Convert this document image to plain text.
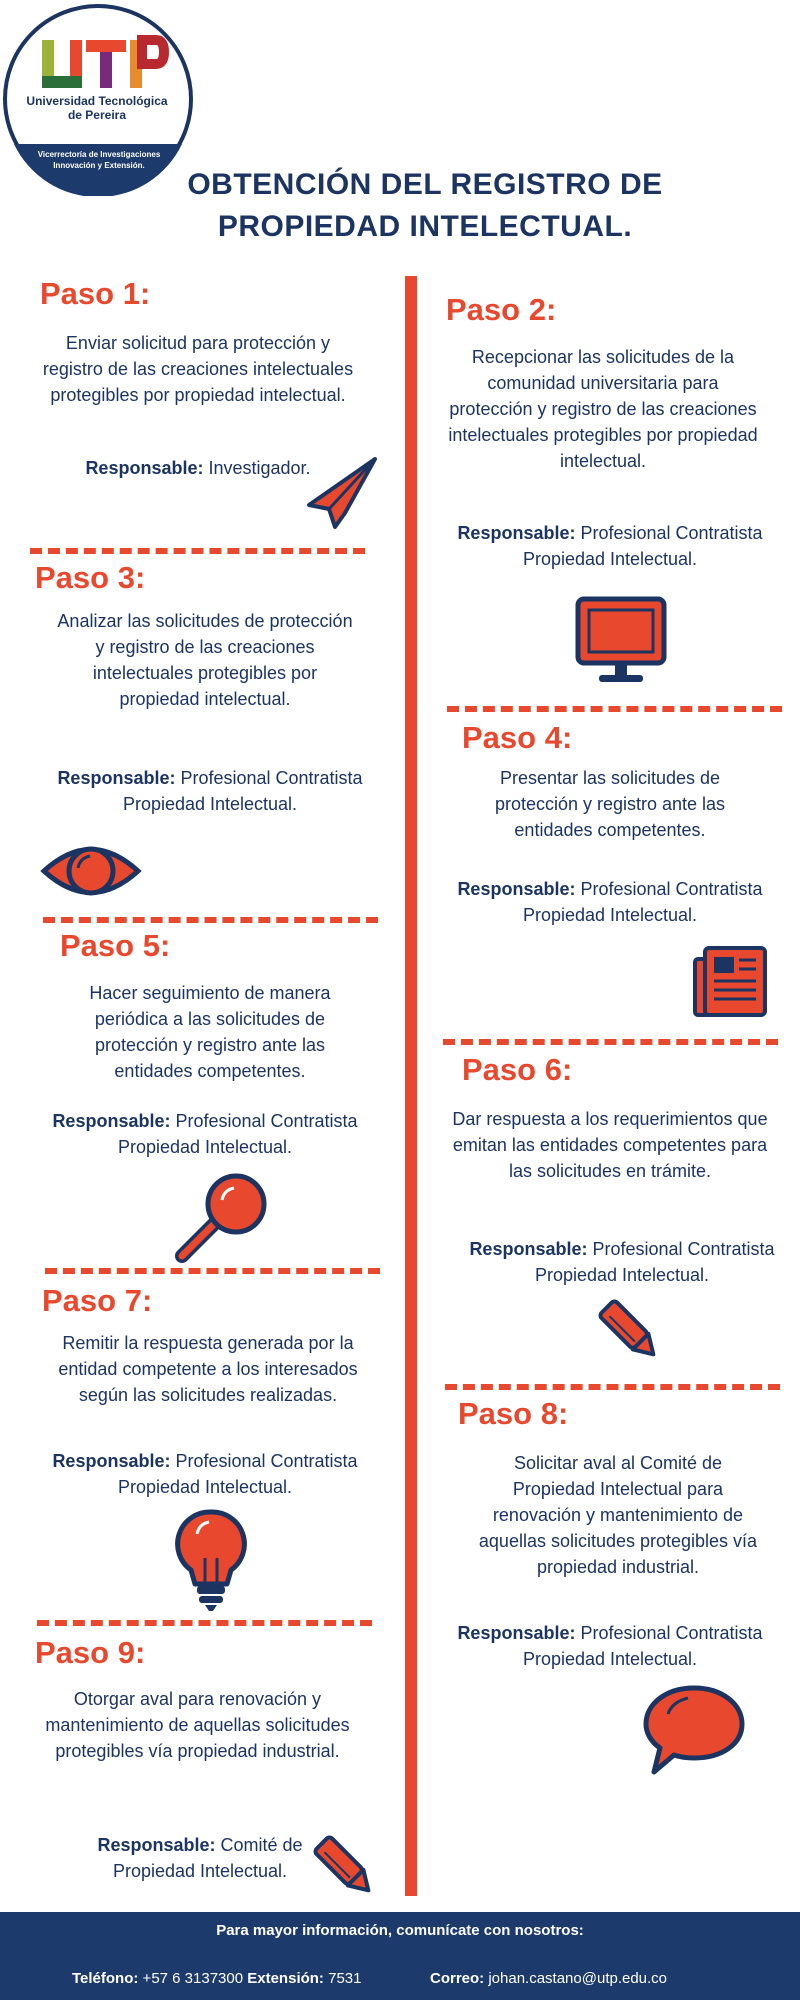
Universidad Tecnológica
de Pereira
Vicerrectoría de Investigaciones
Innovación y Extensión.
OBTENCIÓN DEL REGISTRO DE
PROPIEDAD INTELECTUAL.
Paso 1:
Enviar solicitud para protección y registro de las creaciones intelectuales protegibles por propiedad intelectual.
Responsable: Investigador.
Paso 2:
Recepcionar las solicitudes de la comunidad universitaria para protección y registro de las creaciones intelectuales protegibles por propiedad intelectual.
Responsable: Profesional Contratista Propiedad Intelectual.
Paso 3:
Analizar las solicitudes de protección y registro de las creaciones intelectuales protegibles por propiedad intelectual.
Responsable: Profesional Contratista Propiedad Intelectual.
Paso 4:
Presentar las solicitudes de protección y registro ante las entidades competentes.
Responsable: Profesional Contratista Propiedad Intelectual.
Paso 5:
Hacer seguimiento de manera periódica a las solicitudes de protección y registro ante las entidades competentes.
Responsable: Profesional Contratista Propiedad Intelectual.
Paso 6:
Dar respuesta a los requerimientos que emitan las entidades competentes para las solicitudes en trámite.
Responsable: Profesional Contratista Propiedad Intelectual.
Paso 7:
Remitir la respuesta generada por la entidad competente a los interesados según las solicitudes realizadas.
Responsable: Profesional Contratista Propiedad Intelectual.
Paso 8:
Solicitar aval al Comité de Propiedad Intelectual para renovación y mantenimiento de aquellas solicitudes protegibles vía propiedad industrial.
Responsable: Profesional Contratista Propiedad Intelectual.
Paso 9:
Otorgar aval para renovación y mantenimiento de aquellas solicitudes protegibles vía propiedad industrial.
Responsable: Comité de Propiedad Intelectual.
Para mayor información, comunícate con nosotros:
Teléfono: +57 6 3137300 Extensión: 7531	Correo: johan.castano@utp.edu.co
